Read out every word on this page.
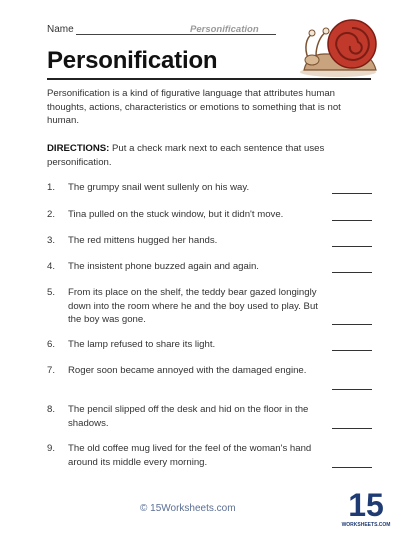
Name	Personification
Personification
Personification is a kind of figurative language that attributes human thoughts, actions, characteristics or emotions to something that is not human.
DIRECTIONS: Put a check mark next to each sentence that uses personification.
1.	The grumpy snail went sullenly on his way.
2.	Tina pulled on the stuck window, but it didn't move.
3.	The red mittens hugged her hands.
4.	The insistent phone buzzed again and again.
5.	From its place on the shelf, the teddy bear gazed longingly down into the room where he and the boy used to play. But the boy was gone.
6.	The lamp refused to share its light.
7.	Roger soon became annoyed with the damaged engine.
8.	The pencil slipped off the desk and hid on the floor in the shadows.
9.	The old coffee mug lived for the feel of the woman's hand around its middle every morning.
© 15Worksheets.com	15
WORKSHEETS.COM
